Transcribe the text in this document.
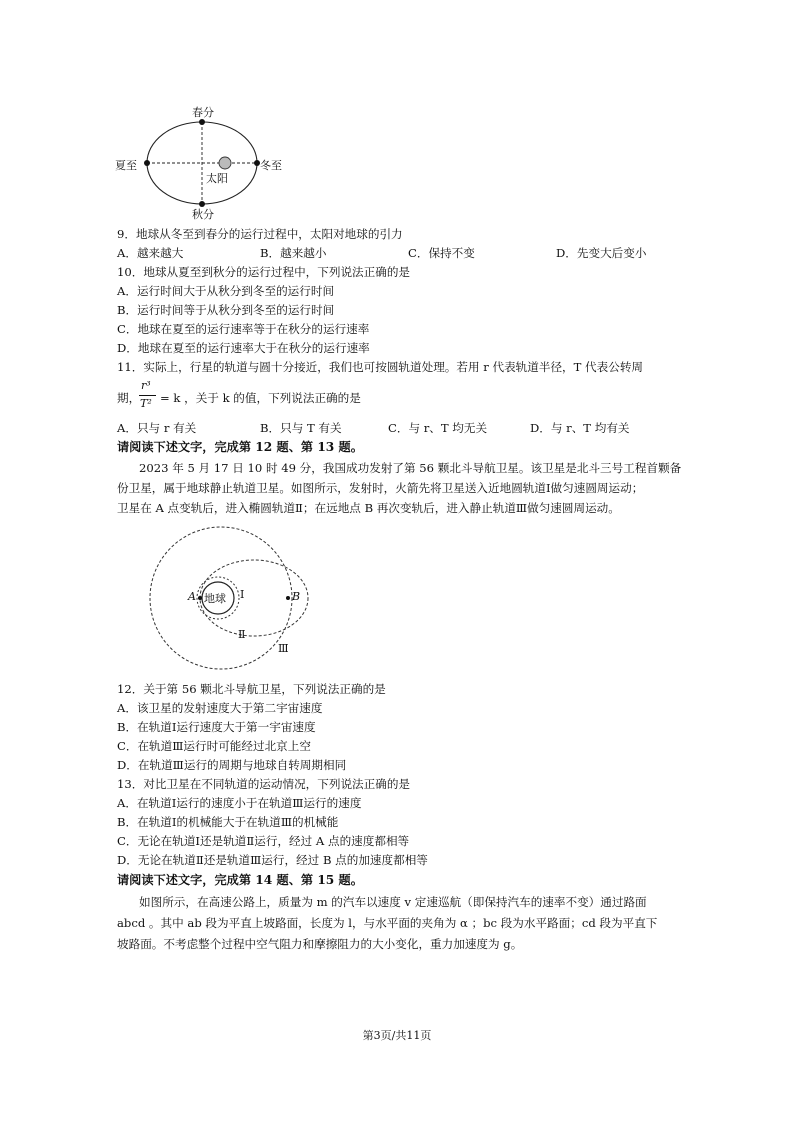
春分
夏至	冬至
秋分
太阳
9．地球从冬至到春分的运行过程中，太阳对地球的引力
A．越来越大	B．越来越小	C．保持不变	D．先变大后变小
10．地球从夏至到秋分的运行过程中，下列说法正确的是
A．运行时间大于从秋分到冬至的运行时间
B．运行时间等于从秋分到冬至的运行时间
C．地球在夏至的运行速率等于在秋分的运行速率
D．地球在夏至的运行速率大于在秋分的运行速率
11．实际上，行星的轨道与圆十分接近，我们也可按圆轨道处理。若用 r 代表轨道半径，T 代表公转周
期，
r³
T² = k ，关于 k 的值，下列说法正确的是
A．只与 r 有关	B．只与 T 有关	C．与 r、T 均无关	D．与 r、T 均有关
请阅读下述文字，完成第 12 题、第 13 题。
2023 年 5 月 17 日 10 时 49 分，我国成功发射了第 56 颗北斗导航卫星。该卫星是北斗三号工程首颗备
份卫星，属于地球静止轨道卫星。如图所示，发射时，火箭先将卫星送入近地圆轨道Ⅰ做匀速圆周运动；
卫星在 A 点变轨后，进入椭圆轨道Ⅱ；在远地点 B 再次变轨后，进入静止轨道Ⅲ做匀速圆周运动。
地球
A	B
Ⅰ
Ⅱ
Ⅲ
12．关于第 56 颗北斗导航卫星，下列说法正确的是
A．该卫星的发射速度大于第二宇宙速度
B．在轨道Ⅰ运行速度大于第一宇宙速度
C．在轨道Ⅲ运行时可能经过北京上空
D．在轨道Ⅲ运行的周期与地球自转周期相同
13．对比卫星在不同轨道的运动情况，下列说法正确的是
A．在轨道Ⅰ运行的速度小于在轨道Ⅲ运行的速度
B．在轨道Ⅰ的机械能大于在轨道Ⅲ的机械能
C．无论在轨道Ⅰ还是轨道Ⅱ运行，经过 A 点的速度都相等
D．无论在轨道Ⅱ还是轨道Ⅲ运行，经过 B 点的加速度都相等
请阅读下述文字，完成第 14 题、第 15 题。
如图所示，在高速公路上，质量为 m 的汽车以速度 v 定速巡航（即保持汽车的速率不变）通过路面
abcd 。其中 ab 段为平直上坡路面，长度为 l，与水平面的夹角为 α ；bc 段为水平路面；cd 段为平直下
坡路面。不考虑整个过程中空气阻力和摩擦阻力的大小变化，重力加速度为 g。
第3页/共11页
